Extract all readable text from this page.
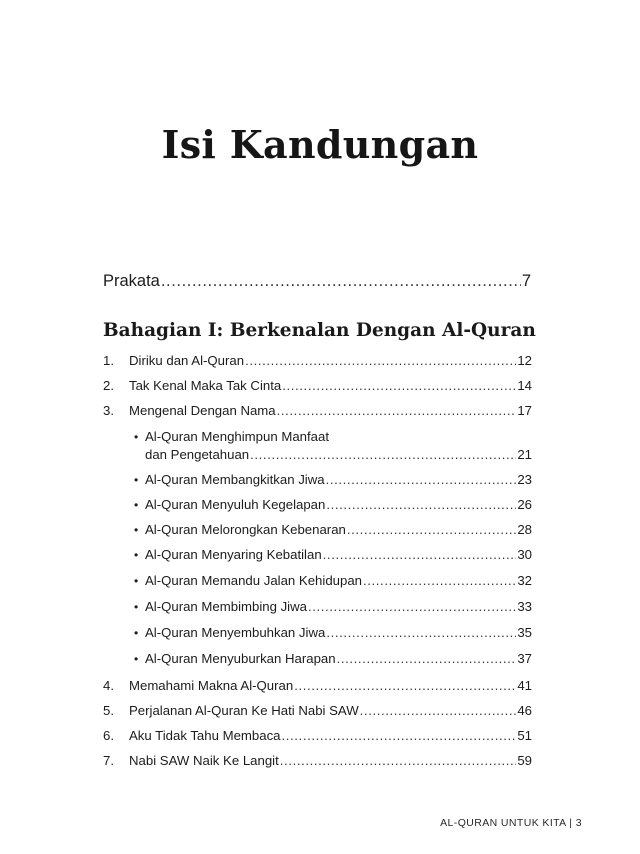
Isi Kandungan
Prakata .....	7
Bahagian I: Berkenalan Dengan Al-Quran
1.	Diriku dan Al-Quran .....	12
2.	Tak Kenal Maka Tak Cinta .....	14
3.	Mengenal Dengan Nama .....	17
• Al-Quran Menghimpun Manfaat
dan Pengetahuan .....	21
• Al-Quran Membangkitkan Jiwa .....	23
• Al-Quran Menyuluh Kegelapan .....	26
• Al-Quran Melorongkan Kebenaran .....	28
• Al-Quran Menyaring Kebatilan .....	30
• Al-Quran Memandu Jalan Kehidupan .....	32
• Al-Quran Membimbing Jiwa .....	33
• Al-Quran Menyembuhkan Jiwa .....	35
• Al-Quran Menyuburkan Harapan .....	37
4.	Memahami Makna Al-Quran .....	41
5.	Perjalanan Al-Quran Ke Hati Nabi SAW .....	46
6.	Aku Tidak Tahu Membaca .....	51
7.	Nabi SAW Naik Ke Langit .....	59
AL-QURAN UNTUK KITA | 3
